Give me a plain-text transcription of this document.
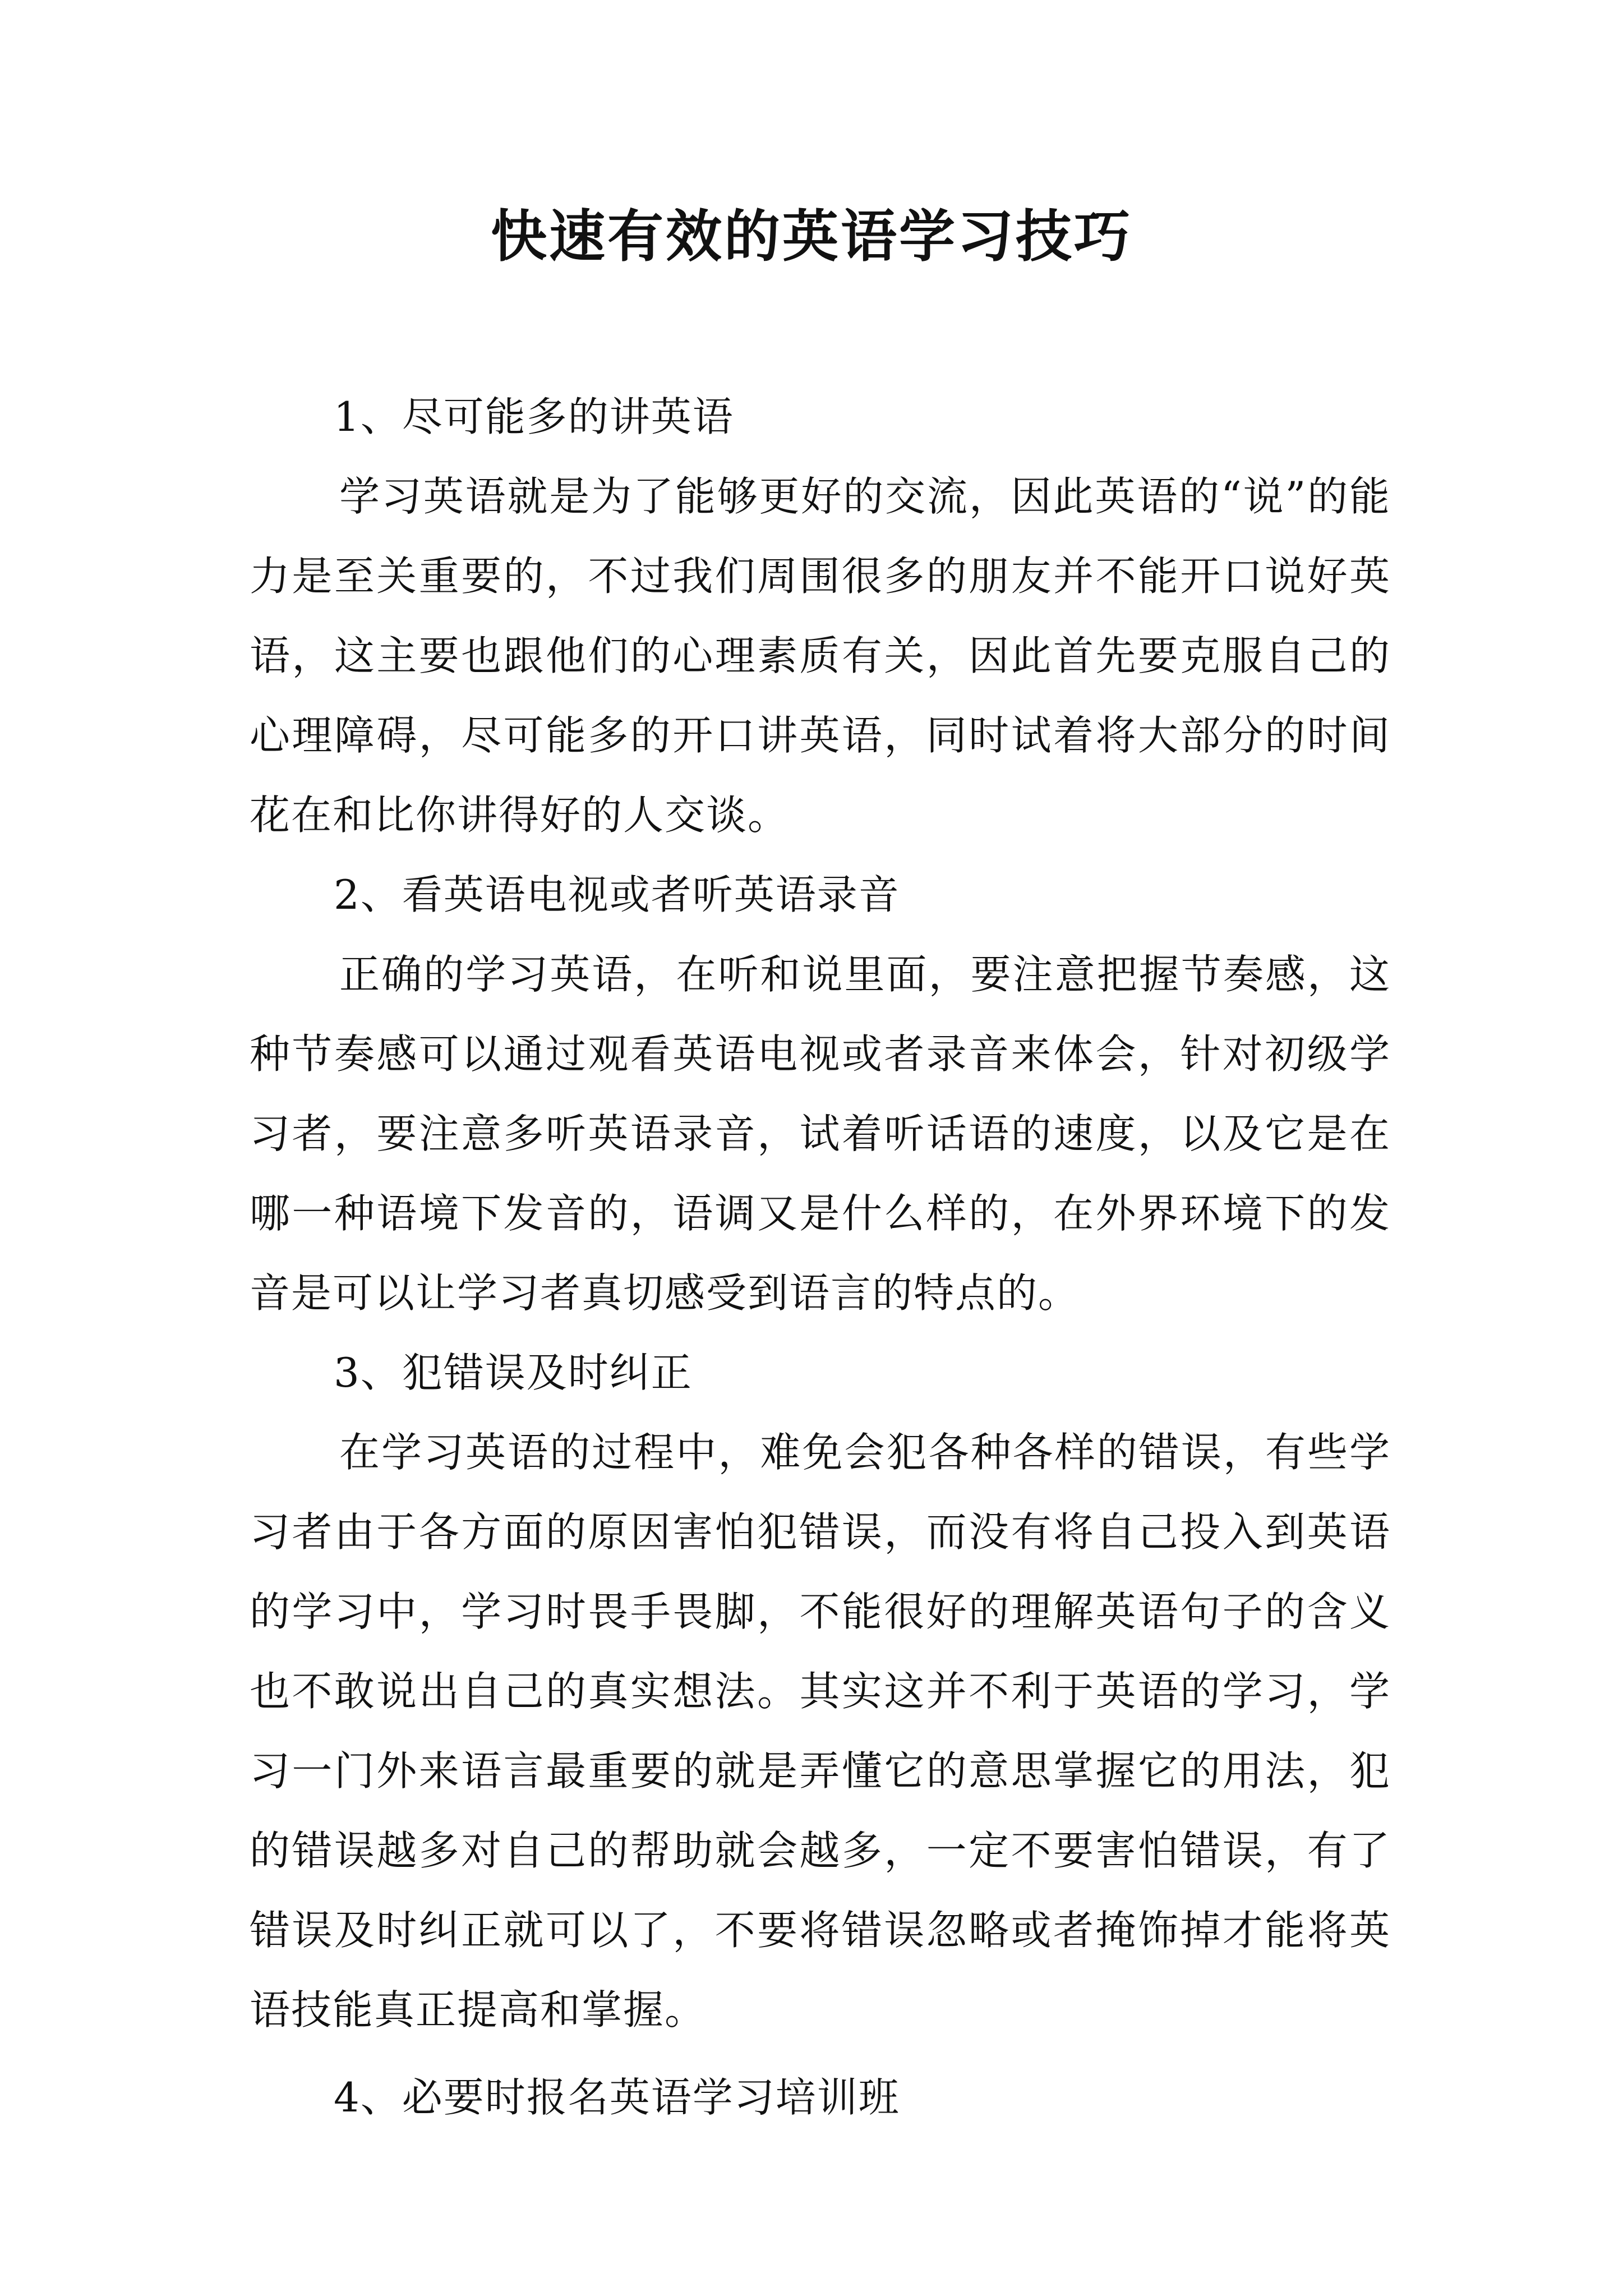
快速有效的英语学习技巧

1、尽可能多的讲英语

学习英语就是为了能够更好的交流，因此英语的“说”的能力是至关重要的，不过我们周围很多的朋友并不能开口说好英语，这主要也跟他们的心理素质有关，因此首先要克服自己的心理障碍，尽可能多的开口讲英语，同时试着将大部分的时间花在和比你讲得好的人交谈。

2、看英语电视或者听英语录音

正确的学习英语，在听和说里面，要注意把握节奏感，这种节奏感可以通过观看英语电视或者录音来体会，针对初级学习者，要注意多听英语录音，试着听话语的速度，以及它是在哪一种语境下发音的，语调又是什么样的，在外界环境下的发音是可以让学习者真切感受到语言的特点的。

3、犯错误及时纠正

在学习英语的过程中，难免会犯各种各样的错误，有些学习者由于各方面的原因害怕犯错误，而没有将自己投入到英语的学习中，学习时畏手畏脚，不能很好的理解英语句子的含义也不敢说出自己的真实想法。其实这并不利于英语的学习，学习一门外来语言最重要的就是弄懂它的意思掌握它的用法，犯的错误越多对自己的帮助就会越多，一定不要害怕错误，有了错误及时纠正就可以了，不要将错误忽略或者掩饰掉才能将英语技能真正提高和掌握。

4、必要时报名英语学习培训班
